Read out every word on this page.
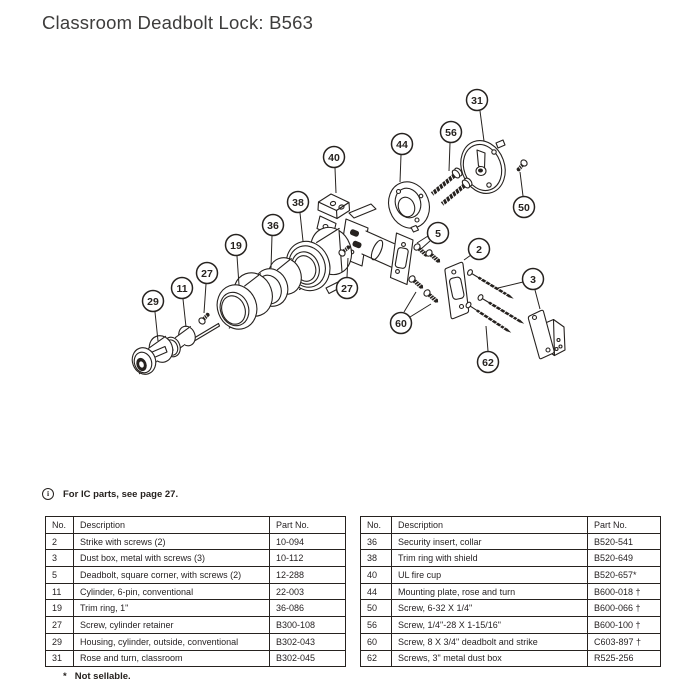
Classroom Deadbolt Lock: B563
31
56
44
40
50
38
36
19
27
11
29
27
5
2
3
60
62
i	For IC parts, see page 27.
No.	Description	Part No.
2	Strike with screws (2)	10-094
3	Dust box, metal with screws (3)	10-112
5	Deadbolt, square corner, with screws (2)	12-288
11	Cylinder, 6-pin, conventional	22-003
19	Trim ring, 1"	36-086
27	Screw, cylinder retainer	B300-108
29	Housing, cylinder, outside, conventional	B302-043
31	Rose and turn, classroom	B302-045
No.	Description	Part No.
36	Security insert, collar	B520-541
38	Trim ring with shield	B520-649
40	UL fire cup	B520-657*
44	Mounting plate, rose and turn	B600-018 †
50	Screw, 6-32 X 1/4"	B600-066 †
56	Screw, 1/4"-28 X 1-15/16"	B600-100 †
60	Screw, 8 X 3/4" deadbolt and strike	C603-897 †
62	Screws, 3" metal dust box	R525-256
* Not sellable.
